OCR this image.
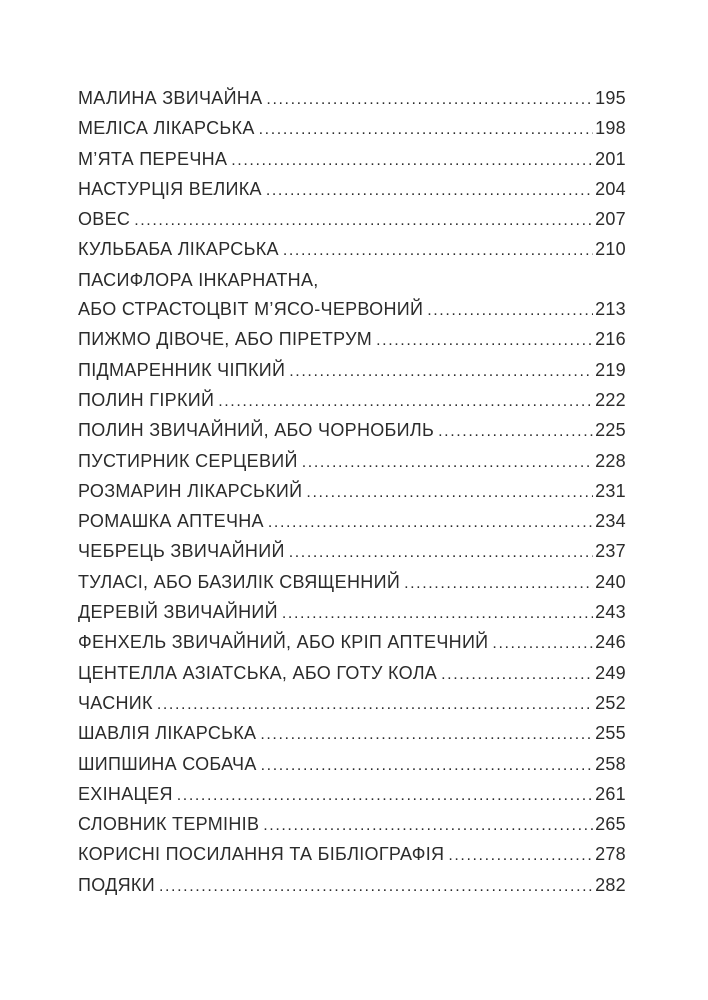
МАЛИНА ЗВИЧАЙНА .....	195
МЕЛІСА ЛІКАРСЬКА .....	198
М’ЯТА ПЕРЕЧНА .....	201
НАСТУРЦІЯ ВЕЛИКА .....	204
ОВЕС .....	207
КУЛЬБАБА ЛІКАРСЬКА .....	210
ПАСИФЛОРА ІНКАРНАТНА,
АБО СТРАСТОЦВІТ М’ЯСО-ЧЕРВОНИЙ .....	213
ПИЖМО ДІВОЧЕ, АБО ПІРЕТРУМ .....	216
ПІДМАРЕННИК ЧІПКИЙ .....	219
ПОЛИН ГІРКИЙ .....	222
ПОЛИН ЗВИЧАЙНИЙ, АБО ЧОРНОБИЛЬ .....	225
ПУСТИРНИК СЕРЦЕВИЙ .....	228
РОЗМАРИН ЛІКАРСЬКИЙ .....	231
РОМАШКА АПТЕЧНА .....	234
ЧЕБРЕЦЬ ЗВИЧАЙНИЙ .....	237
ТУЛАСІ, АБО БАЗИЛІК СВЯЩЕННИЙ .....	240
ДЕРЕВІЙ ЗВИЧАЙНИЙ .....	243
ФЕНХЕЛЬ ЗВИЧАЙНИЙ, АБО КРІП АПТЕЧНИЙ .....	246
ЦЕНТЕЛЛА АЗІАТСЬКА, АБО ГОТУ КОЛА .....	249
ЧАСНИК .....	252
ШАВЛІЯ ЛІКАРСЬКА .....	255
ШИПШИНА СОБАЧА .....	258
ЕХІНАЦЕЯ .....	261
СЛОВНИК ТЕРМІНІВ .....	265
КОРИСНІ ПОСИЛАННЯ ТА БІБЛІОГРАФІЯ .....	278
ПОДЯКИ .....	282
